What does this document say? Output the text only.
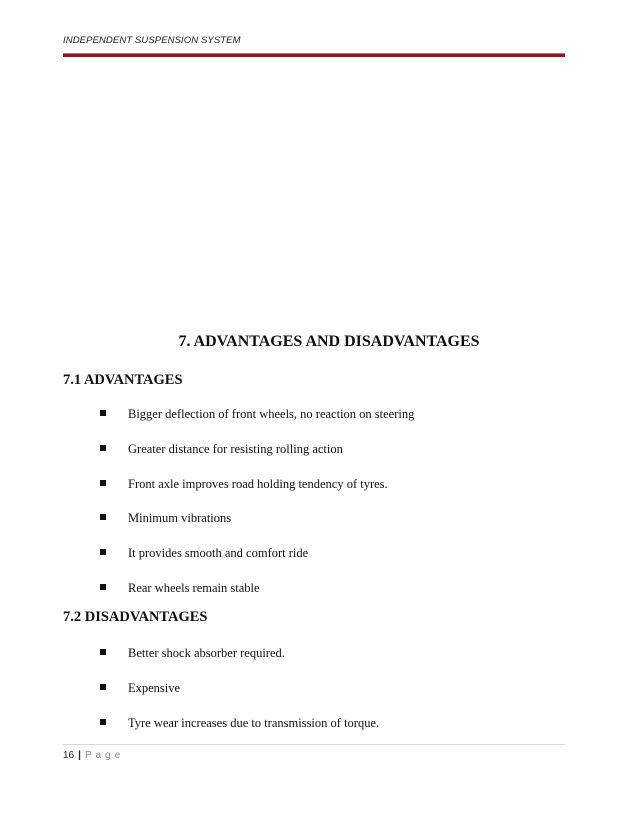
INDEPENDENT SUSPENSION SYSTEM
7. ADVANTAGES AND DISADVANTAGES
7.1 ADVANTAGES
Bigger deflection of front wheels, no reaction on steering
Greater distance for resisting rolling action
Front axle improves road holding tendency of tyres.
Minimum vibrations
It provides smooth and comfort ride
Rear wheels remain stable
7.2 DISADVANTAGES
Better shock absorber required.
Expensive
Tyre wear increases due to transmission of torque.
16 | Page
